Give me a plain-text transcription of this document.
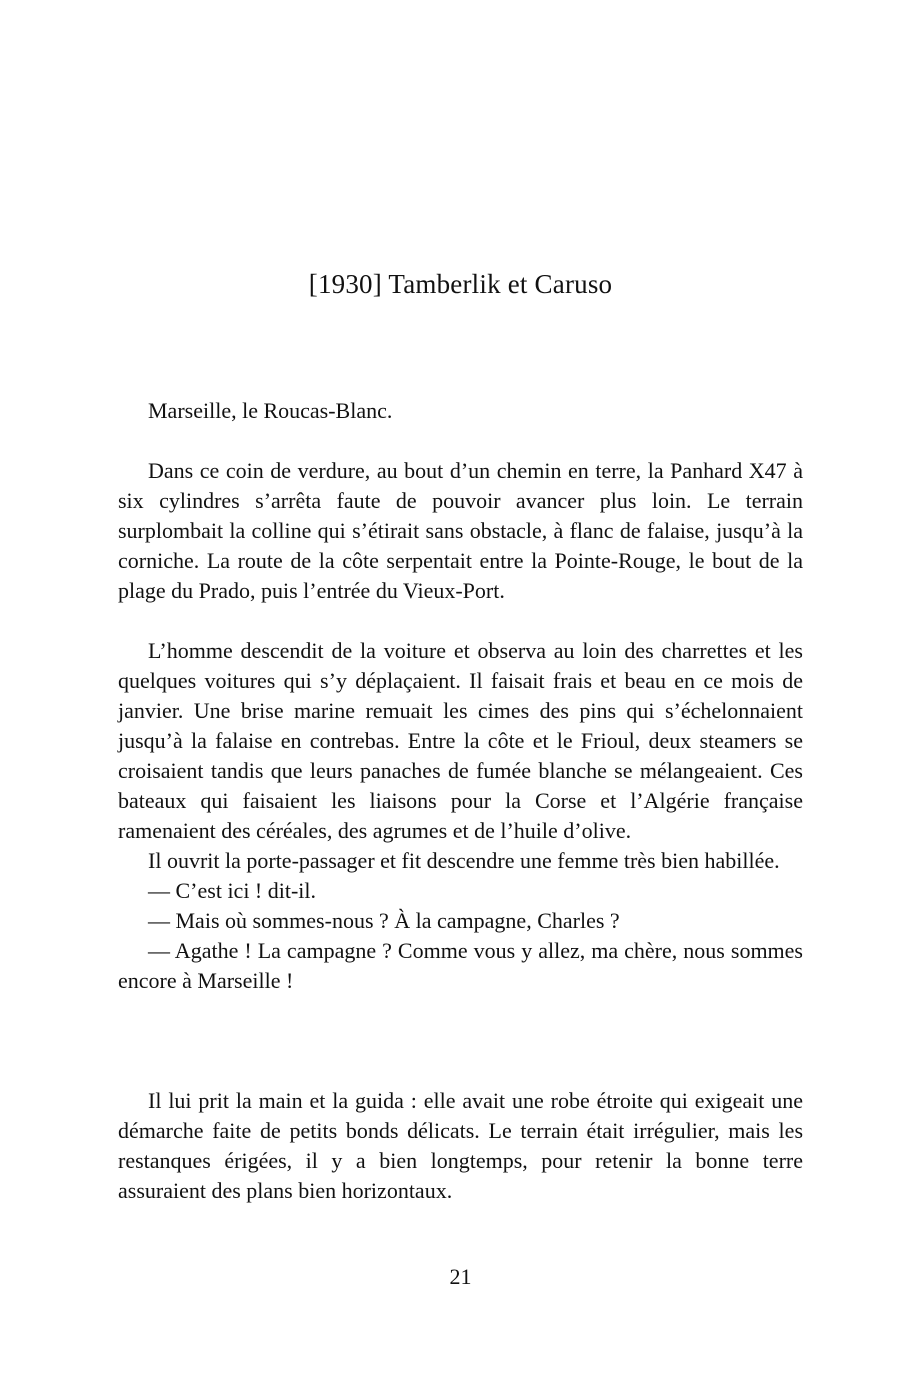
[1930] Tamberlik et Caruso
Marseille, le Roucas-Blanc.

Dans ce coin de verdure, au bout d’un chemin en terre, la Panhard X47 à six cylindres s’arrêta faute de pouvoir avancer plus loin. Le terrain surplombait la colline qui s’étirait sans obstacle, à flanc de falaise, jusqu’à la corniche. La route de la côte serpentait entre la Pointe-Rouge, le bout de la plage du Prado, puis l’entrée du Vieux-Port.

L’homme descendit de la voiture et observa au loin des charrettes et les quelques voitures qui s’y déplaçaient. Il faisait frais et beau en ce mois de janvier. Une brise marine remuait les cimes des pins qui s’échelonnaient jusqu’à la falaise en contrebas. Entre la côte et le Frioul, deux steamers se croisaient tandis que leurs panaches de fumée blanche se mélangeaient. Ces bateaux qui faisaient les liaisons pour la Corse et l’Algérie française ramenaient des céréales, des agrumes et de l’huile d’olive.

Il ouvrit la porte-passager et fit descendre une femme très bien habillée.

— C’est ici ! dit-il.

— Mais où sommes-nous ? À la campagne, Charles ?

— Agathe ! La campagne ? Comme vous y allez, ma chère, nous sommes encore à Marseille !

Il lui prit la main et la guida : elle avait une robe étroite qui exigeait une démarche faite de petits bonds délicats. Le terrain était irrégulier, mais les restanques érigées, il y a bien longtemps, pour retenir la bonne terre assuraient des plans bien horizontaux.

21
